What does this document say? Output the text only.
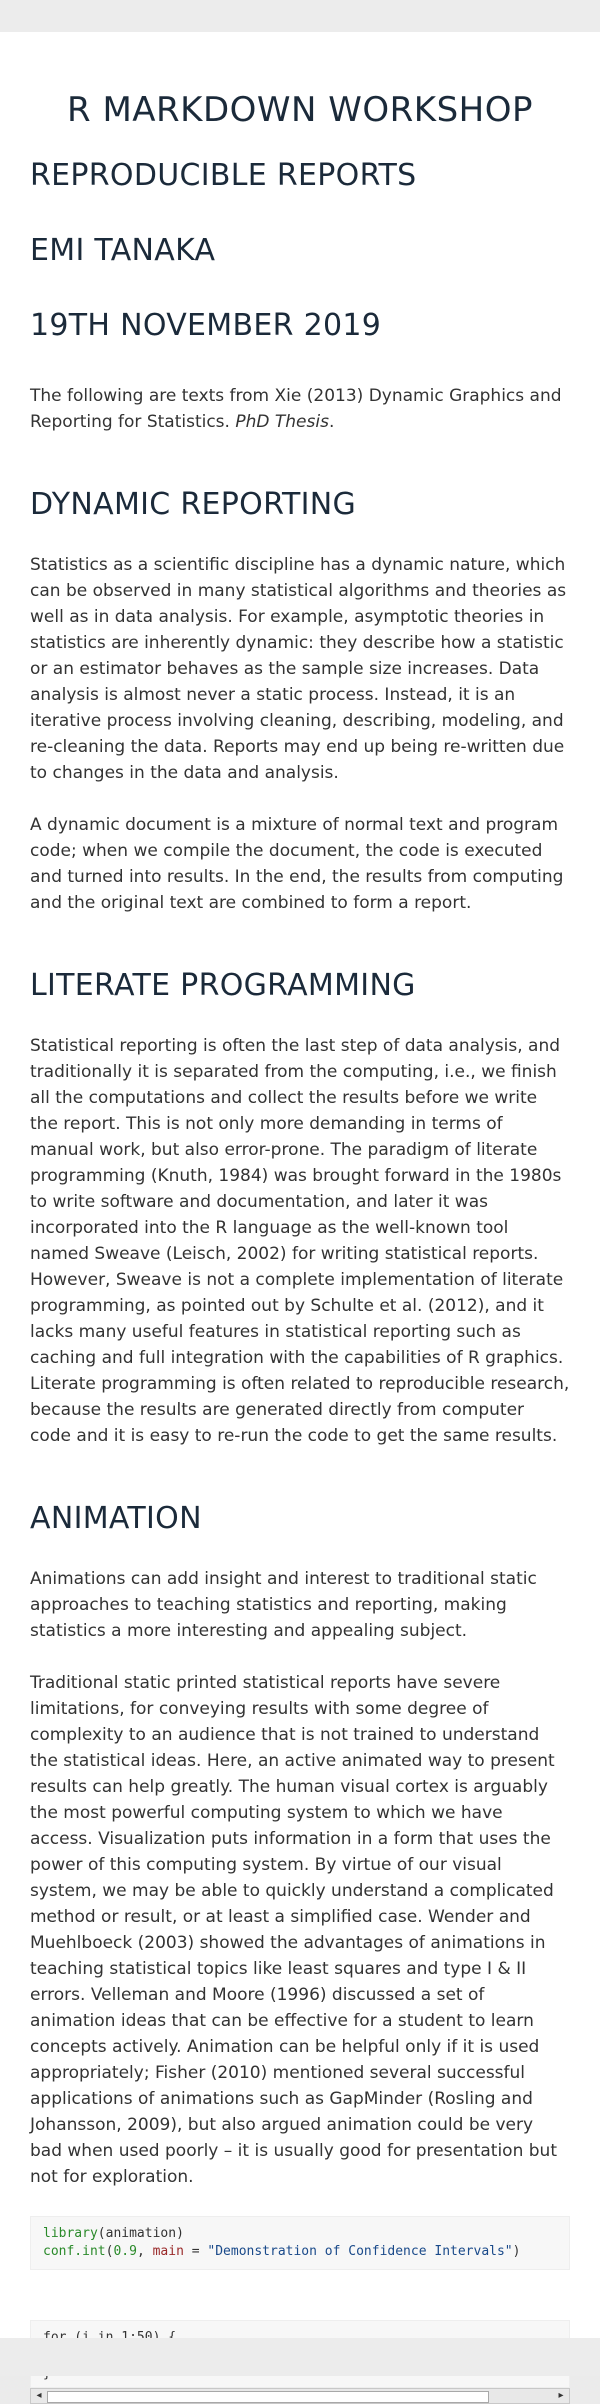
R MARKDOWN WORKSHOP
REPRODUCIBLE REPORTS
EMI TANAKA
19TH NOVEMBER 2019

The following are texts from Xie (2013) Dynamic Graphics and Reporting for Statistics. PhD Thesis.

DYNAMIC REPORTING

Statistics as a scientific discipline has a dynamic nature, which can be observed in many statistical algorithms and theories as well as in data analysis. For example, asymptotic theories in statistics are inherently dynamic: they describe how a statistic or an estimator behaves as the sample size increases. Data analysis is almost never a static process. Instead, it is an iterative process involving cleaning, describing, modeling, and re-cleaning the data. Reports may end up being re-written due to changes in the data and analysis.

A dynamic document is a mixture of normal text and program code; when we compile the document, the code is executed and turned into results. In the end, the results from computing and the original text are combined to form a report.

LITERATE PROGRAMMING

Statistical reporting is often the last step of data analysis, and traditionally it is separated from the computing, i.e., we finish all the computations and collect the results before we write the report. This is not only more demanding in terms of manual work, but also error-prone. The paradigm of literate programming (Knuth, 1984) was brought forward in the 1980s to write software and documentation, and later it was incorporated into the R language as the well-known tool named Sweave (Leisch, 2002) for writing statistical reports. However, Sweave is not a complete implementation of literate programming, as pointed out by Schulte et al. (2012), and it lacks many useful features in statistical reporting such as caching and full integration with the capabilities of R graphics. Literate programming is often related to reproducible research, because the results are generated directly from computer code and it is easy to re-run the code to get the same results.

ANIMATION

Animations can add insight and interest to traditional static approaches to teaching statistics and reporting, making statistics a more interesting and appealing subject.

Traditional static printed statistical reports have severe limitations, for conveying results with some degree of complexity to an audience that is not trained to understand the statistical ideas. Here, an active animated way to present results can help greatly. The human visual cortex is arguably the most powerful computing system to which we have access. Visualization puts information in a form that uses the power of this computing system. By virtue of our visual system, we may be able to quickly understand a complicated method or result, or at least a simplified case. Wender and Muehlboeck (2003) showed the advantages of animations in teaching statistical topics like least squares and type I & II errors. Velleman and Moore (1996) discussed a set of animation ideas that can be effective for a student to learn concepts actively. Animation can be helpful only if it is used appropriately; Fisher (2010) mentioned several successful applications of animations such as GapMinder (Rosling and Johansson, 2009), but also argued animation could be very bad when used poorly – it is usually good for presentation but not for exploration.

library(animation)
conf.int(0.9, main = "Demonstration of Confidence Intervals")

◂	▸
